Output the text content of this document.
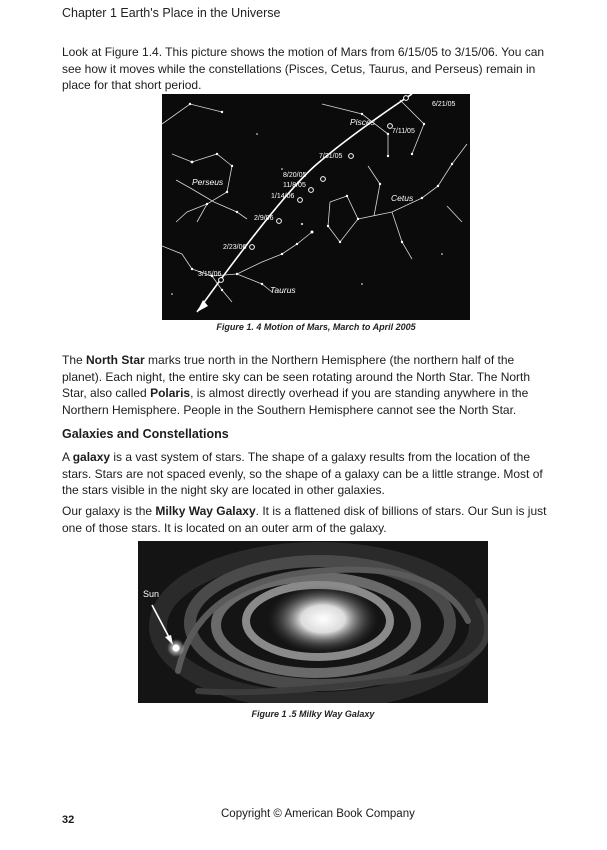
Chapter 1 Earth's Place in the Universe
Look at Figure 1.4. This picture shows the motion of Mars from 6/15/05 to 3/15/06. You can see how it moves while the constellations (Pisces, Cetus, Taurus, and Perseus) remain in place for that short period.
Pisces
Perseus
Cetus
Taurus
6/21/05
7/11/05
7/31/05
8/20/05
11/8/05
1/14/06
2/9/06
2/23/06
3/15/06
Figure 1. 4 Motion of Mars, March to April 2005
The North Star marks true north in the Northern Hemisphere (the northern half of the planet). Each night, the entire sky can be seen rotating around the North Star. The North Star, also called Polaris, is almost directly overhead if you are standing anywhere in the Northern Hemisphere. People in the Southern Hemisphere cannot see the North Star.
Galaxies and Constellations
A galaxy is a vast system of stars. The shape of a galaxy results from the location of the stars. Stars are not spaced evenly, so the shape of a galaxy can be a little strange. Most of the stars visible in the night sky are located in other galaxies.
Our galaxy is the Milky Way Galaxy. It is a flattened disk of billions of stars. Our Sun is just one of those stars. It is located on an outer arm of the galaxy.
Sun
Figure 1 .5 Milky Way Galaxy
32	Copyright © American Book Company
